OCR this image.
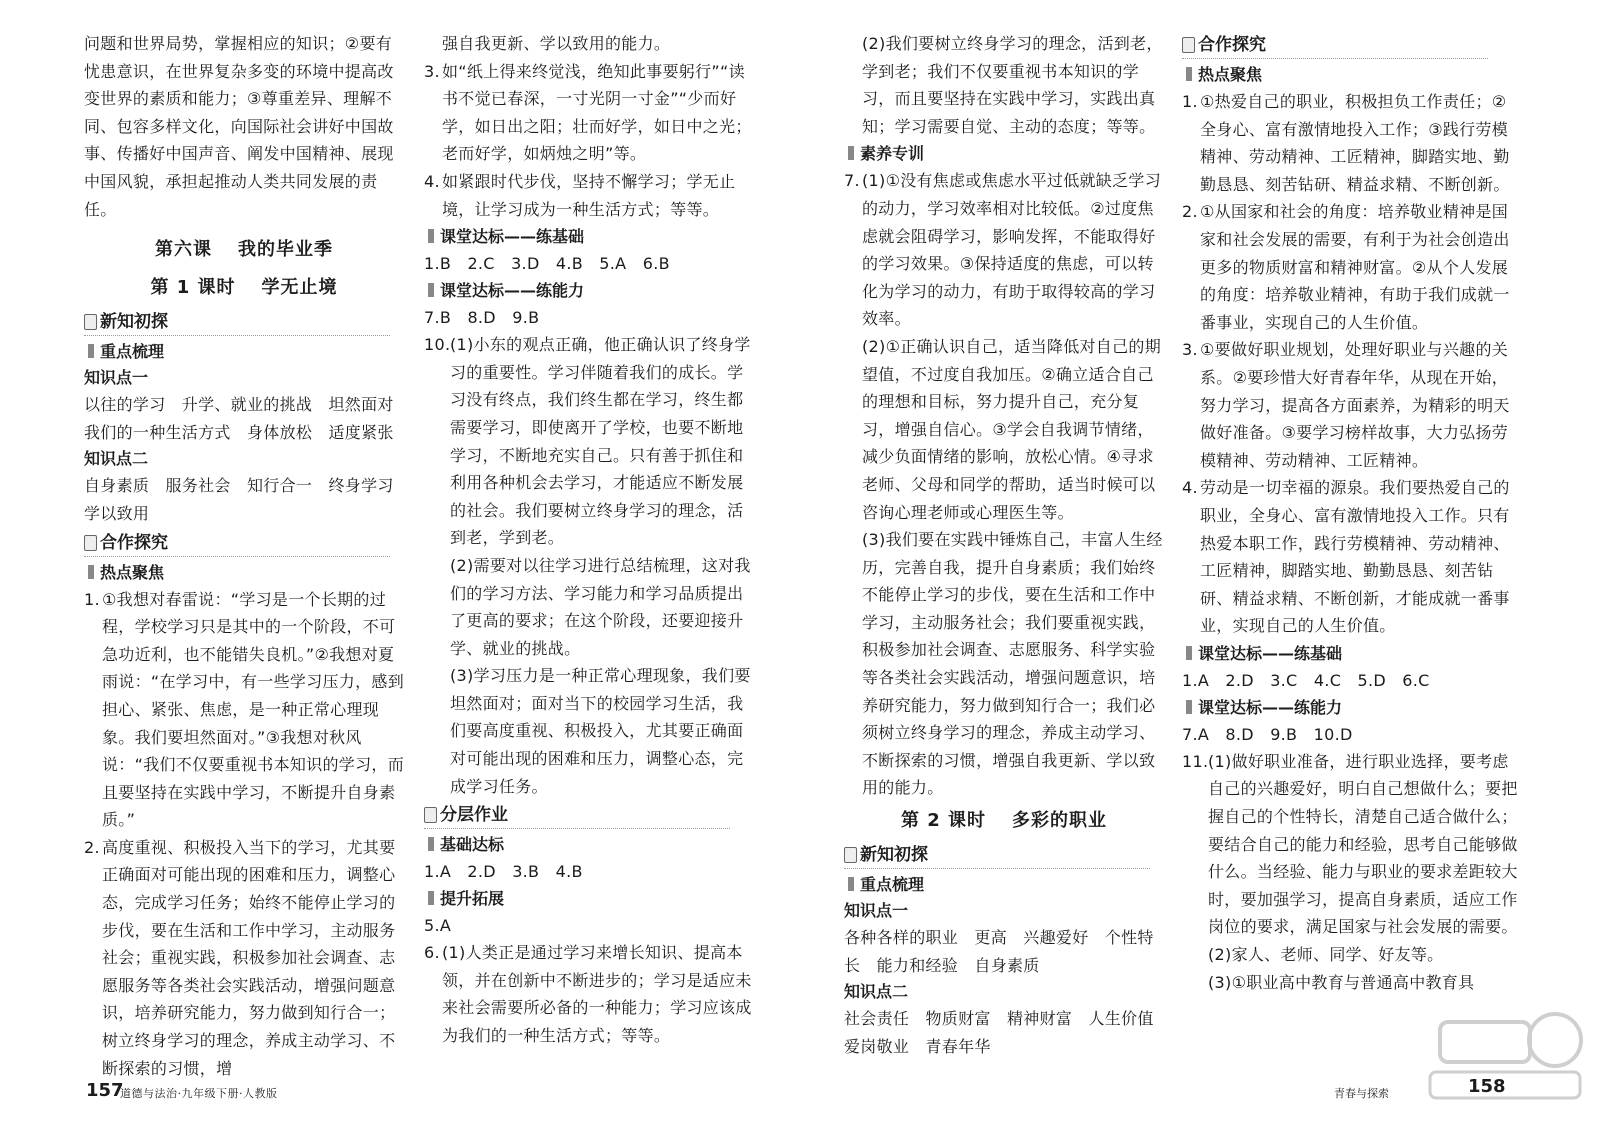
问题和世界局势，掌握相应的知识；②要有忧患意识，在世界复杂多变的环境中提高改变世界的素质和能力；③尊重差异、理解不同、包容多样文化，向国际社会讲好中国故事、传播好中国声音、阐发中国精神、展现中国风貌，承担起推动人类共同发展的责任。
第六课 我的毕业季
第 1 课时 学无止境
新知初探
重点梳理
知识点一
以往的学习　升学、就业的挑战　坦然面对　我们的一种生活方式　身体放松　适度紧张
知识点二
自身素质　服务社会　知行合一　终身学习　学以致用
合作探究
热点聚焦
1. ①我想对春雷说：“学习是一个长期的过程，学校学习只是其中的一个阶段，不可急功近利，也不能错失良机。”②我想对夏雨说：“在学习中，有一些学习压力，感到担心、紧张、焦虑，是一种正常心理现象。我们要坦然面对。”③我想对秋风说：“我们不仅要重视书本知识的学习，而且要坚持在实践中学习，不断提升自身素质。”
2. 高度重视、积极投入当下的学习，尤其要正确面对可能出现的困难和压力，调整心态，完成学习任务；始终不能停止学习的步伐，要在生活和工作中学习，主动服务社会；重视实践，积极参加社会调查、志愿服务等各类社会实践活动，增强问题意识，培养研究能力，努力做到知行合一；树立终身学习的理念，养成主动学习、不断探索的习惯，增
强自我更新、学以致用的能力。
3. 如“纸上得来终觉浅，绝知此事要躬行”“读书不觉已春深，一寸光阴一寸金”“少而好学，如日出之阳；壮而好学，如日中之光；老而好学，如炳烛之明”等。
4. 如紧跟时代步伐，坚持不懈学习；学无止境，让学习成为一种生活方式；等等。
课堂达标——练基础
1.B　2.C　3.D　4.B　5.A　6.B
课堂达标——练能力
7.B　8.D　9.B
10. (1)小东的观点正确，他正确认识了终身学习的重要性。学习伴随着我们的成长。学习没有终点，我们终生都在学习，终生都需要学习，即使离开了学校，也要不断地学习，不断地充实自己。只有善于抓住和利用各种机会去学习，才能适应不断发展的社会。我们要树立终身学习的理念，活到老，学到老。
(2)需要对以往学习进行总结梳理，这对我们的学习方法、学习能力和学习品质提出了更高的要求；在这个阶段，还要迎接升学、就业的挑战。
(3)学习压力是一种正常心理现象，我们要坦然面对；面对当下的校园学习生活，我们要高度重视、积极投入，尤其要正确面对可能出现的困难和压力，调整心态，完成学习任务。
分层作业
基础达标
1.A　2.D　3.B　4.B
提升拓展
5.A
6. (1)人类正是通过学习来增长知识、提高本领，并在创新中不断进步的；学习是适应未来社会需要所必备的一种能力；学习应该成为我们的一种生活方式；等等。
(2)我们要树立终身学习的理念，活到老，学到老；我们不仅要重视书本知识的学习，而且要坚持在实践中学习，实践出真知；学习需要自觉、主动的态度；等等。
素养专训
7. (1)①没有焦虑或焦虑水平过低就缺乏学习的动力，学习效率相对比较低。②过度焦虑就会阻碍学习，影响发挥，不能取得好的学习效果。③保持适度的焦虑，可以转化为学习的动力，有助于取得较高的学习效率。
(2)①正确认识自己，适当降低对自己的期望值，不过度自我加压。②确立适合自己的理想和目标，努力提升自己，充分复习，增强自信心。③学会自我调节情绪，减少负面情绪的影响，放松心情。④寻求老师、父母和同学的帮助，适当时候可以咨询心理老师或心理医生等。
(3)我们要在实践中锤炼自己，丰富人生经历，完善自我，提升自身素质；我们始终不能停止学习的步伐，要在生活和工作中学习，主动服务社会；我们要重视实践，积极参加社会调查、志愿服务、科学实验等各类社会实践活动，增强问题意识，培养研究能力，努力做到知行合一；我们必须树立终身学习的理念，养成主动学习、不断探索的习惯，增强自我更新、学以致用的能力。
第 2 课时 多彩的职业
新知初探
重点梳理
知识点一
各种各样的职业　更高　兴趣爱好　个性特长　能力和经验　自身素质
知识点二
社会责任　物质财富　精神财富　人生价值　爱岗敬业　青春年华
合作探究
热点聚焦
1. ①热爱自己的职业，积极担负工作责任；②全身心、富有激情地投入工作；③践行劳模精神、劳动精神、工匠精神，脚踏实地、勤勤恳恳、刻苦钻研、精益求精、不断创新。
2. ①从国家和社会的角度：培养敬业精神是国家和社会发展的需要，有利于为社会创造出更多的物质财富和精神财富。②从个人发展的角度：培养敬业精神，有助于我们成就一番事业，实现自己的人生价值。
3. ①要做好职业规划，处理好职业与兴趣的关系。②要珍惜大好青春年华，从现在开始，努力学习，提高各方面素养，为精彩的明天做好准备。③要学习榜样故事，大力弘扬劳模精神、劳动精神、工匠精神。
4. 劳动是一切幸福的源泉。我们要热爱自己的职业，全身心、富有激情地投入工作。只有热爱本职工作，践行劳模精神、劳动精神、工匠精神，脚踏实地、勤勤恳恳、刻苦钻研、精益求精、不断创新，才能成就一番事业，实现自己的人生价值。
课堂达标——练基础
1.A　2.D　3.C　4.C　5.D　6.C
课堂达标——练能力
7.A　8.D　9.B　10.D
11. (1)做好职业准备，进行职业选择，要考虑自己的兴趣爱好，明白自己想做什么；要把握自己的个性特长，清楚自己适合做什么；要结合自己的能力和经验，思考自己能够做什么。当经验、能力与职业的要求差距较大时，要加强学习，提高自身素质，适应工作岗位的要求，满足国家与社会发展的需要。
(2)家人、老师、同学、好友等。
(3)①职业高中教育与普通高中教育具
157
道德与法治·九年级下册·人教版	青春与探索	158
